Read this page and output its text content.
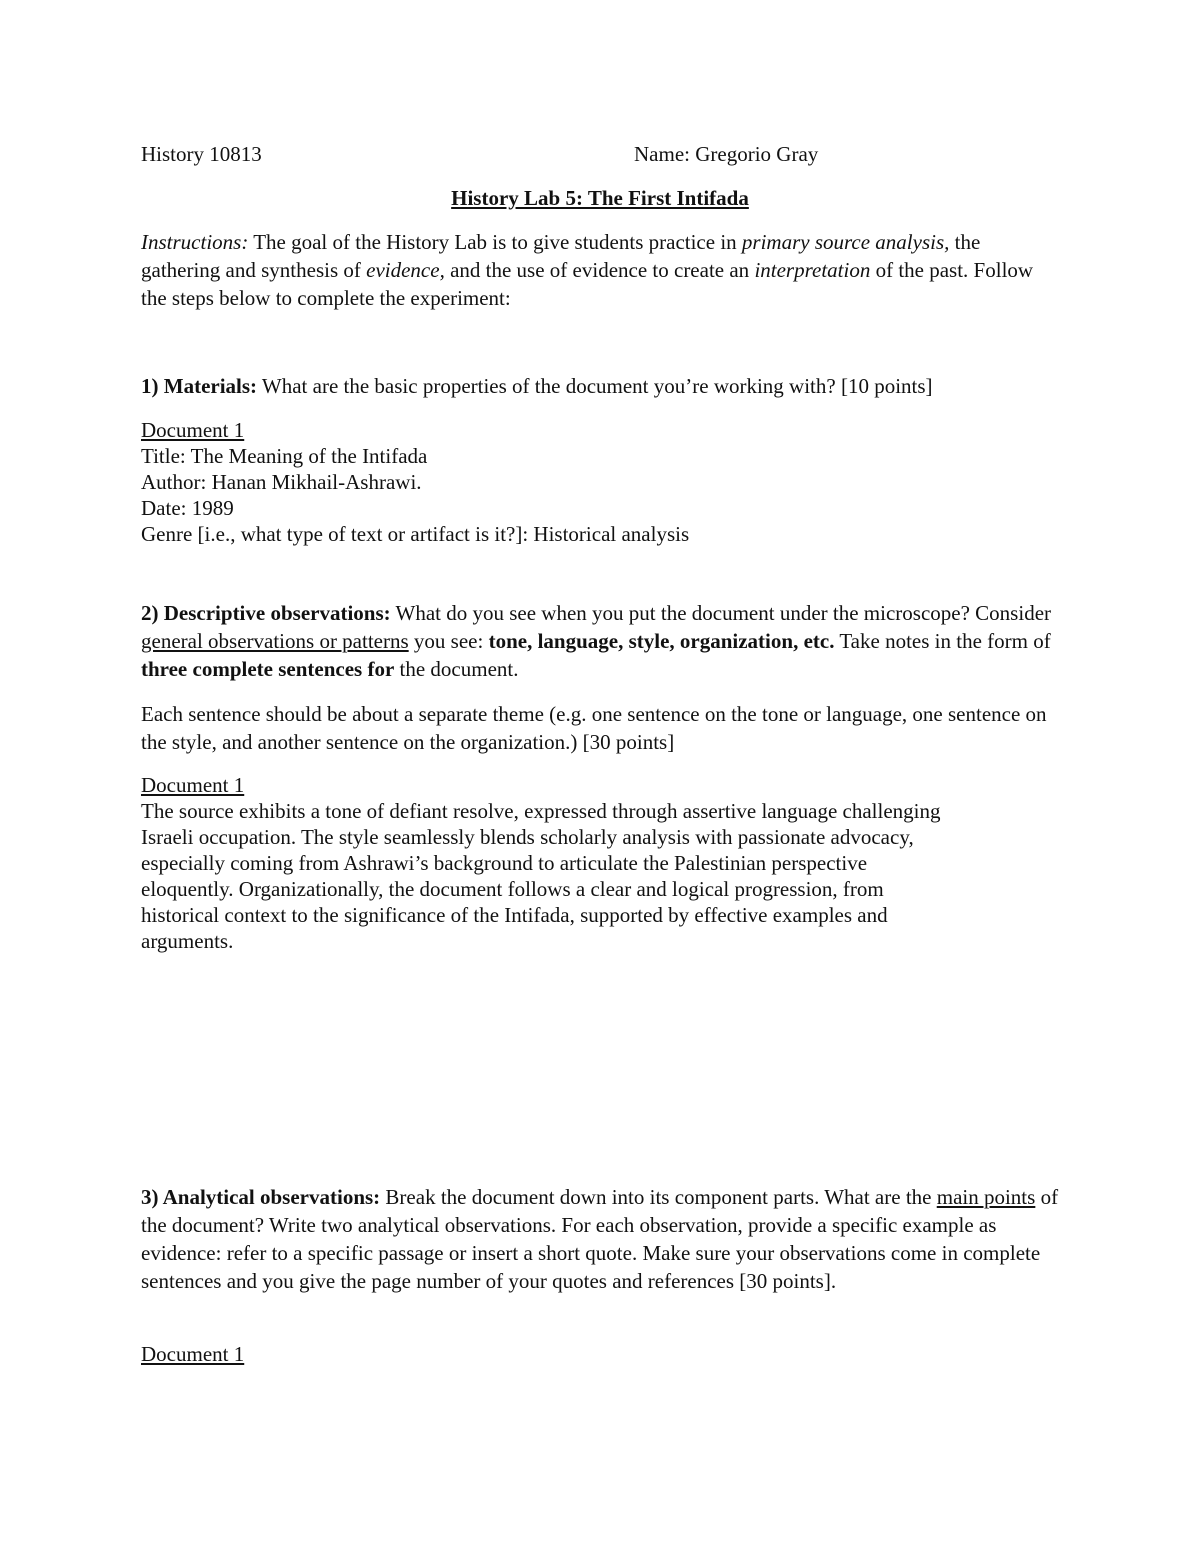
History 10813	Name: Gregorio Gray
History Lab 5: The First Intifada

Instructions: The goal of the History Lab is to give students practice in primary source analysis, the gathering and synthesis of evidence, and the use of evidence to create an interpretation of the past. Follow the steps below to complete the experiment:

1) Materials: What are the basic properties of the document you’re working with? [10 points]

Document 1
Title: The Meaning of the Intifada
Author: Hanan Mikhail-Ashrawi.
Date: 1989
Genre [i.e., what type of text or artifact is it?]: Historical analysis

2) Descriptive observations: What do you see when you put the document under the microscope? Consider general observations or patterns you see: tone, language, style, organization, etc. Take notes in the form of three complete sentences for the document.

Each sentence should be about a separate theme (e.g. one sentence on the tone or language, one sentence on the style, and another sentence on the organization.) [30 points]

Document 1
The source exhibits a tone of defiant resolve, expressed through assertive language challenging
Israeli occupation. The style seamlessly blends scholarly analysis with passionate advocacy,
especially coming from Ashrawi’s background to articulate the Palestinian perspective
eloquently. Organizationally, the document follows a clear and logical progression, from
historical context to the significance of the Intifada, supported by effective examples and
arguments.

3) Analytical observations: Break the document down into its component parts. What are the main points of the document? Write two analytical observations. For each observation, provide a specific example as evidence: refer to a specific passage or insert a short quote. Make sure your observations come in complete sentences and you give the page number of your quotes and references [30 points].

Document 1
